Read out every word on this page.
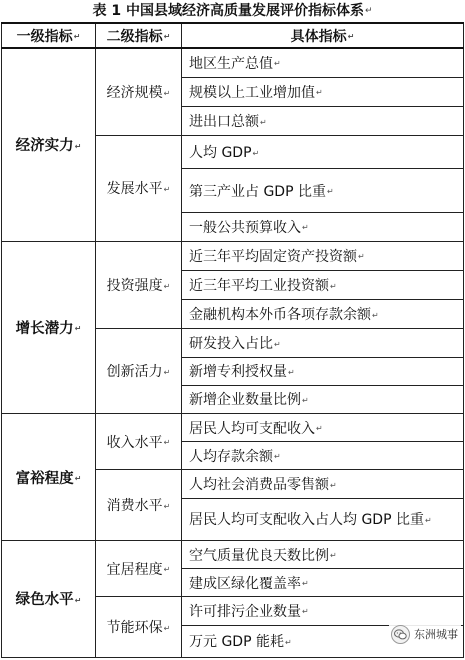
表 1 中国县域经济高质量发展评价指标体系↵
一级指标↵	二级指标↵	具体指标↵
经济实力↵	经济规模↵	地区生产总值↵
		规模以上工业增加值↵
		进出口总额↵
	发展水平↵	人均 GDP↵
		第三产业占 GDP 比重↵
		一般公共预算收入↵
增长潜力↵	投资强度↵	近三年平均固定资产投资额↵
		近三年平均工业投资额↵
		金融机构本外币各项存款余额↵
	创新活力↵	研发投入占比↵
		新增专利授权量↵
		新增企业数量比例↵
富裕程度↵	收入水平↵	居民人均可支配收入↵
		人均存款余额↵
	消费水平↵	人均社会消费品零售额↵
		居民人均可支配收入占人均 GDP 比重↵
绿色水平↵	宜居程度↵	空气质量优良天数比例↵
		建成区绿化覆盖率↵
	节能环保↵	许可排污企业数量↵
		万元 GDP 能耗↵
东洲城事
